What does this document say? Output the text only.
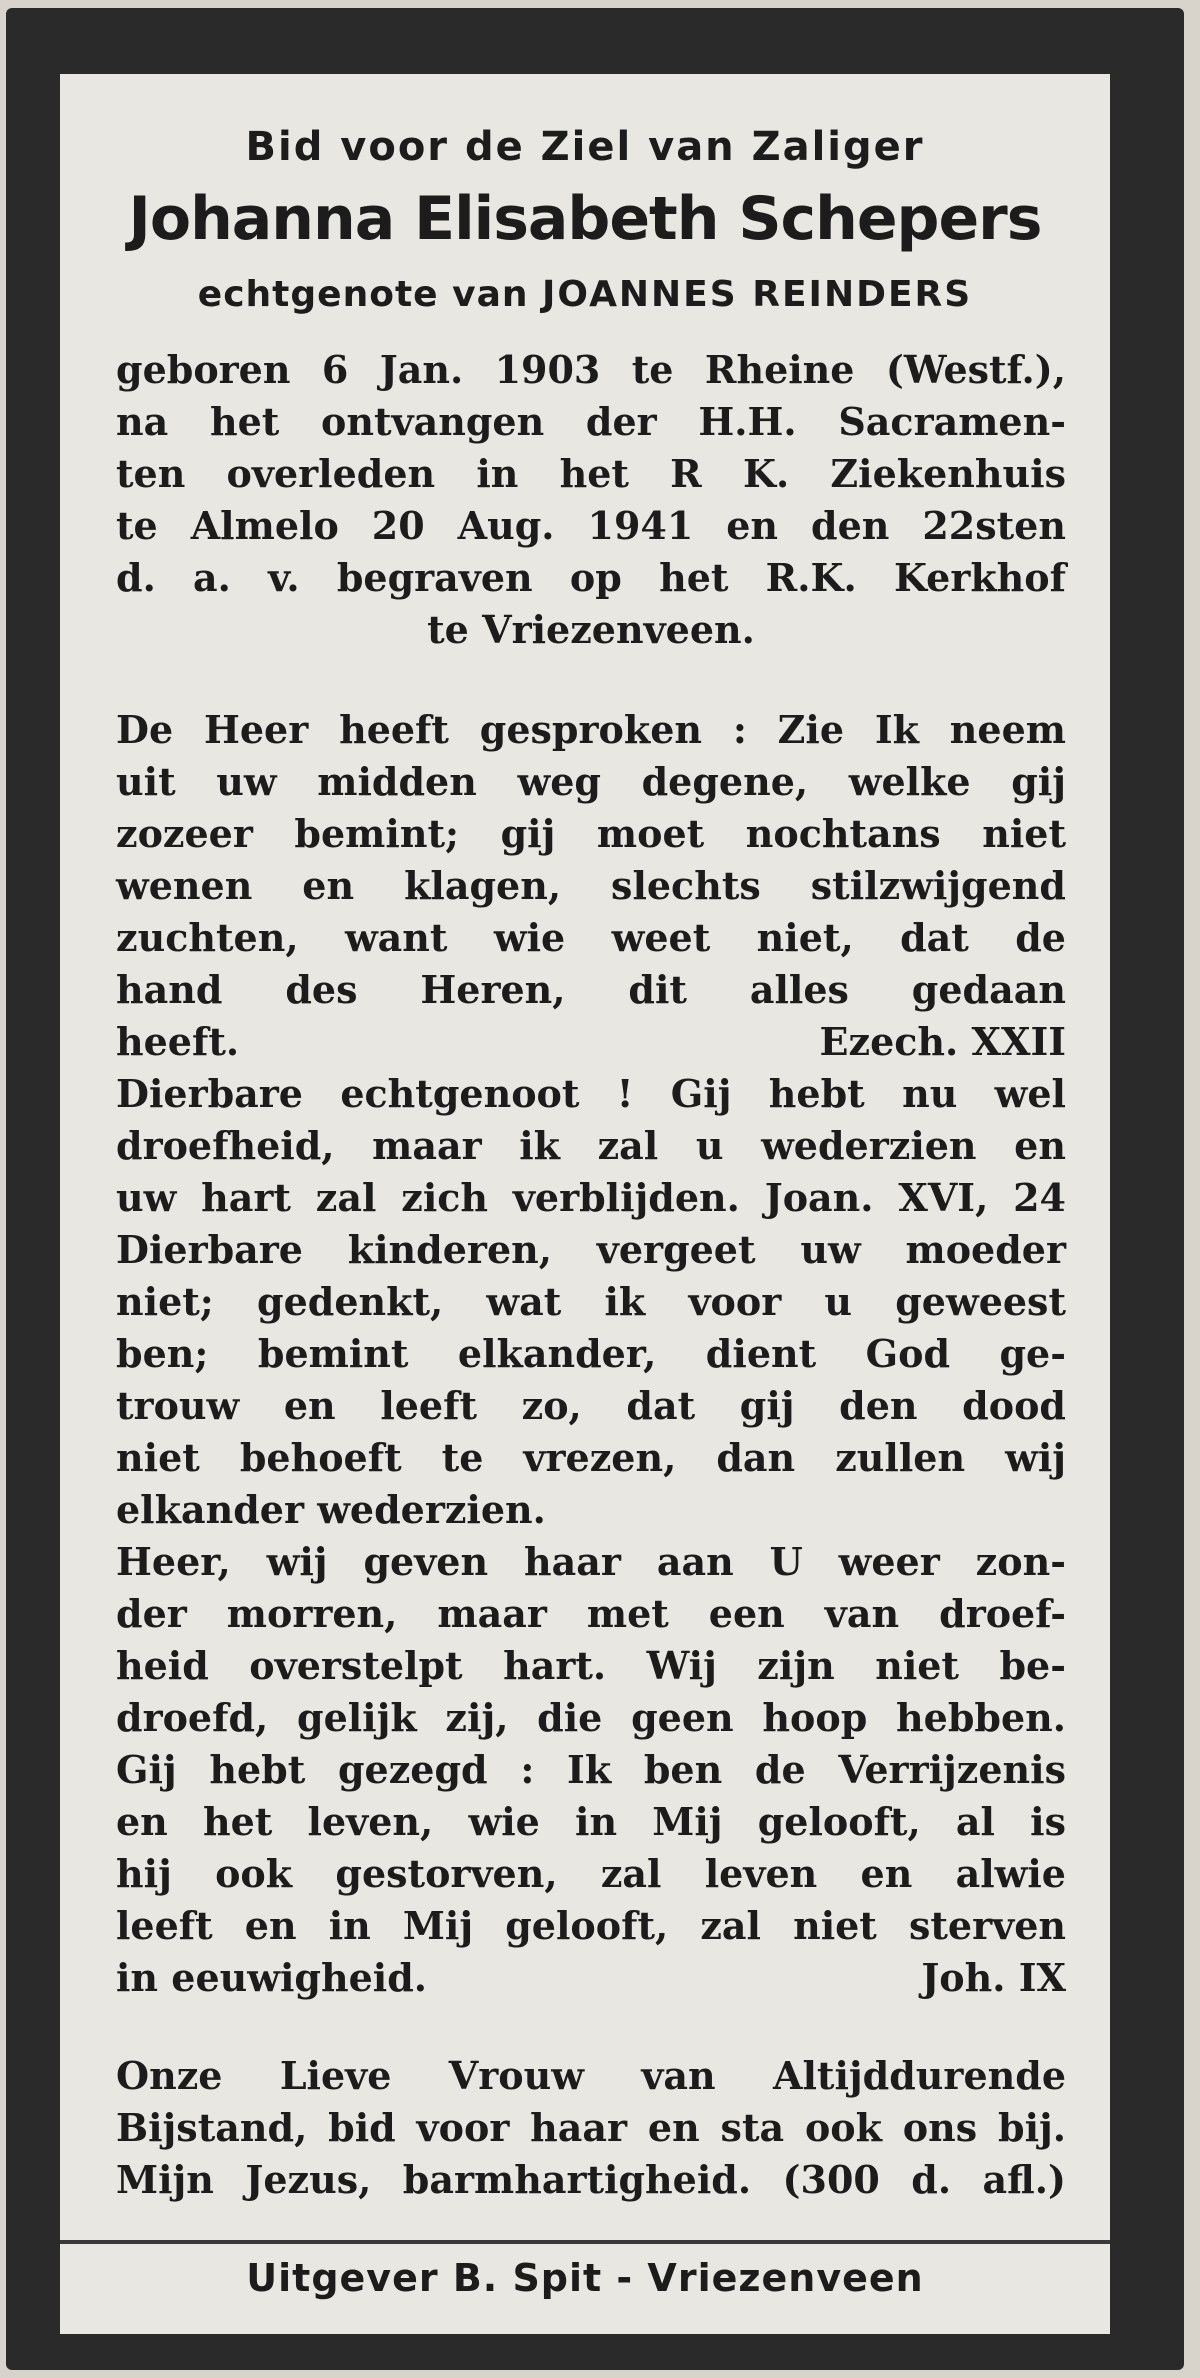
Bid voor de Ziel van Zaliger
Johanna Elisabeth Schepers
echtgenote van JOANNES REINDERS
geboren 6 Jan. 1903 te Rheine (Westf.),
na het ontvangen der H.H. Sacramen-
ten overleden in het R K. Ziekenhuis
te Almelo 20 Aug. 1941 en den 22sten
d. a. v. begraven op het R.K. Kerkhof
te Vriezenveen.
De Heer heeft gesproken : Zie Ik neem
uit uw midden weg degene, welke gij
zozeer bemint; gij moet nochtans niet
wenen en klagen, slechts stilzwijgend
zuchten, want wie weet niet, dat de
hand des Heren, dit alles gedaan
heeft.	Ezech. XXII
Dierbare echtgenoot ! Gij hebt nu wel
droefheid, maar ik zal u wederzien en
uw hart zal zich verblijden. Joan. XVI, 24
Dierbare kinderen, vergeet uw moeder
niet; gedenkt, wat ik voor u geweest
ben; bemint elkander, dient God ge-
trouw en leeft zo, dat gij den dood
niet behoeft te vrezen, dan zullen wij
elkander wederzien.
Heer, wij geven haar aan U weer zon-
der morren, maar met een van droef-
heid overstelpt hart. Wij zijn niet be-
droefd, gelijk zij, die geen hoop hebben.
Gij hebt gezegd : Ik ben de Verrijzenis
en het leven, wie in Mij gelooft, al is
hij ook gestorven, zal leven en alwie
leeft en in Mij gelooft, zal niet sterven
in eeuwigheid.	Joh. IX
Onze Lieve Vrouw van Altijddurende
Bijstand, bid voor haar en sta ook ons bij.
Mijn Jezus, barmhartigheid. (300 d. afl.)
Uitgever B. Spit - Vriezenveen
